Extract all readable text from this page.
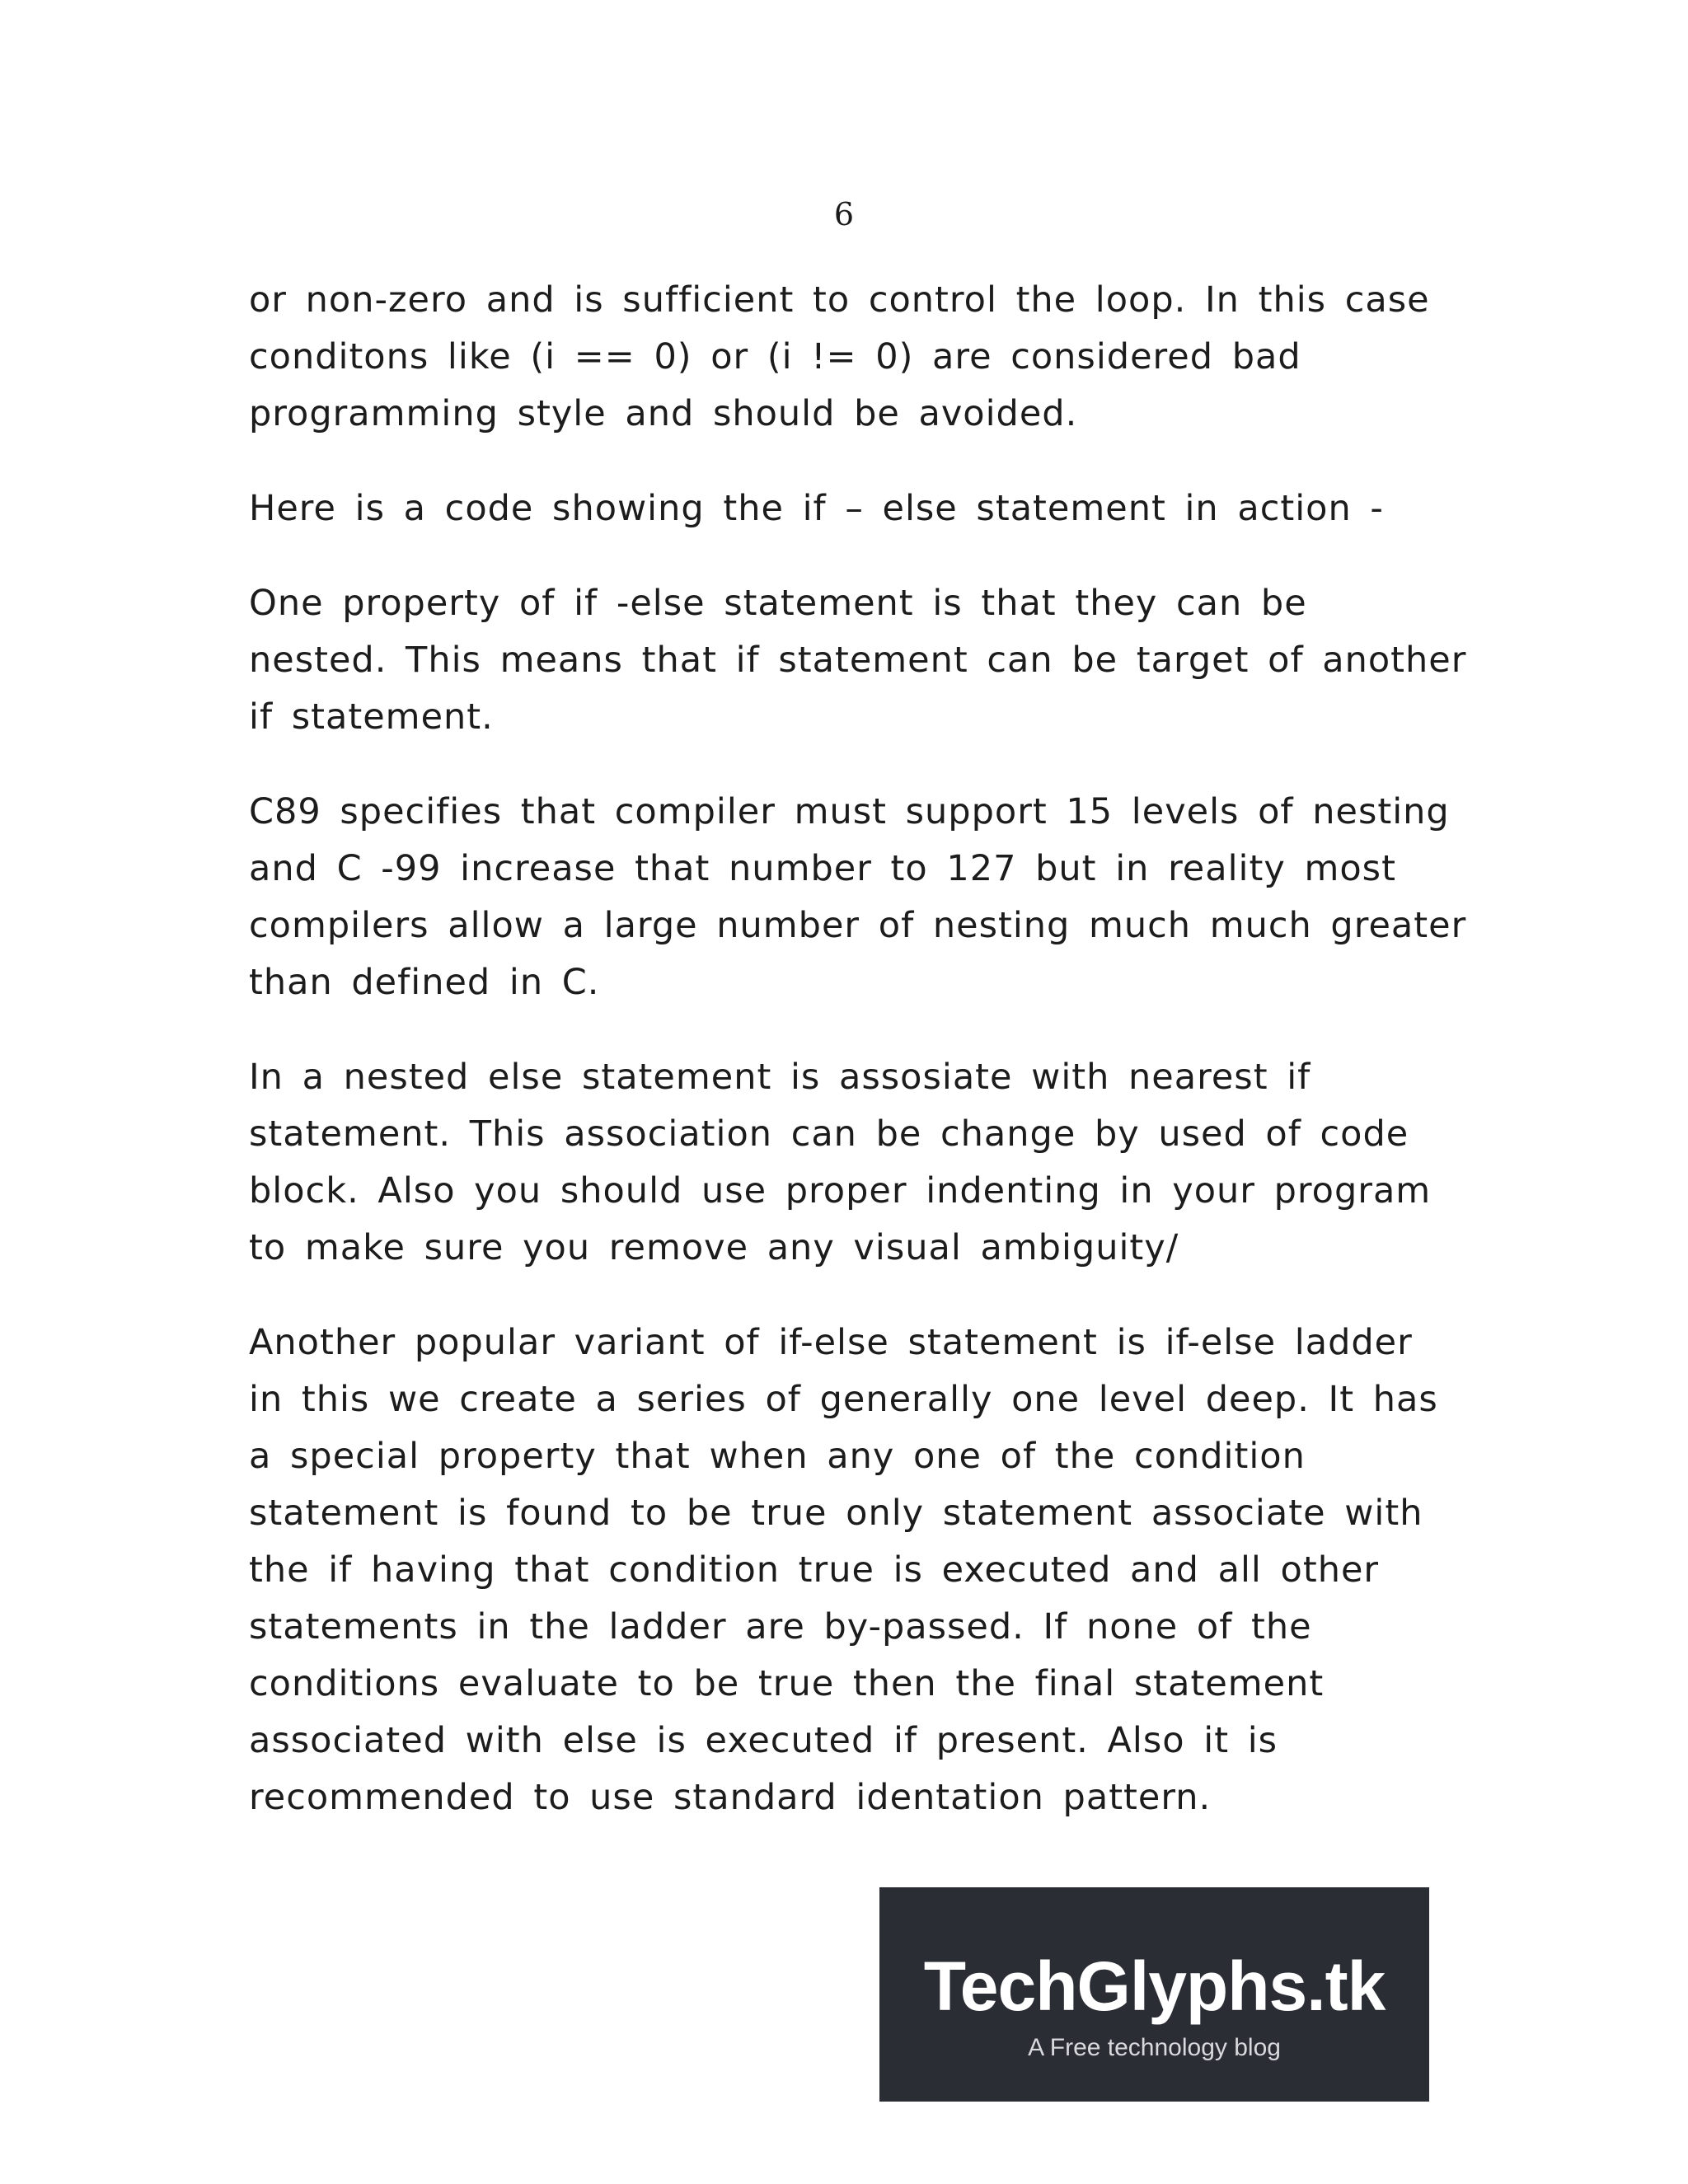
6

or non-zero and is sufficient to control the loop. In this case
conditons like (i == 0) or (i != 0) are considered bad
programming style and should be avoided.

Here is a code showing the if – else statement in action -

One property of if -else statement is that they can be
nested. This means that if statement can be target of another
if statement.

C89 specifies that compiler must support 15 levels of nesting
and C -99 increase that number to 127 but in reality most
compilers allow a large number of nesting much much greater
than defined in C.

In a nested else statement is assosiate with nearest if
statement. This association can be change by used of code
block. Also you should use proper indenting in your program
to make sure you remove any visual ambiguity/

Another popular variant of if-else statement is if-else ladder
in this we create a series of generally one level deep. It has
a special property that when any one of the condition
statement is found to be true only statement associate with
the if having that condition true is executed and all other
statements in the ladder are by-passed. If none of the
conditions evaluate to be true then the final statement
associated with else is executed if present. Also it is
recommended to use standard identation pattern.

TechGlyphs.tk
A Free technology blog
